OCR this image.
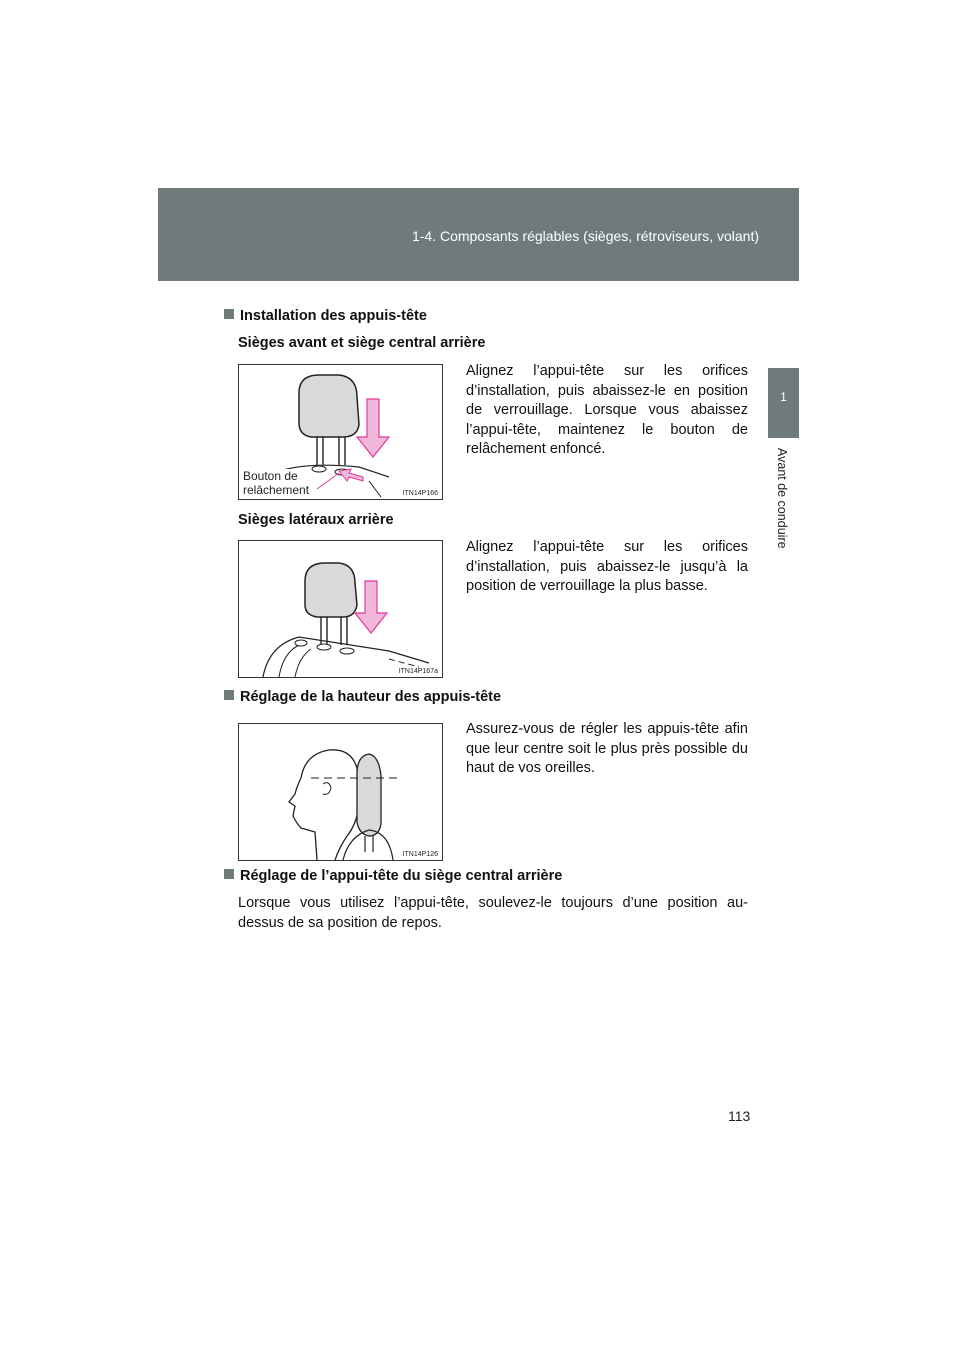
1-4. Composants réglables (sièges, rétroviseurs, volant)
1
Avant de conduire
Installation des appuis-tête
Sièges avant et siège central arrière
Bouton de
relâchement	ITN14P166
Alignez l’appui-tête sur les orifices d’installation, puis abaissez-le en position de verrouillage. Lorsque vous abaissez l’appui-tête, maintenez le bouton de relâchement enfoncé.
Sièges latéraux arrière
ITN14P167a
Alignez l’appui-tête sur les orifices d’installation, puis abaissez-le jusqu’à la position de verrouillage la plus basse.
Réglage de la hauteur des appuis-tête
ITN14P126
Assurez-vous de régler les appuis-tête afin que leur centre soit le plus près possible du haut de vos oreilles.
Réglage de l’appui-tête du siège central arrière
Lorsque vous utilisez l’appui-tête, soulevez-le toujours d’une position au-dessus de sa position de repos.
113
